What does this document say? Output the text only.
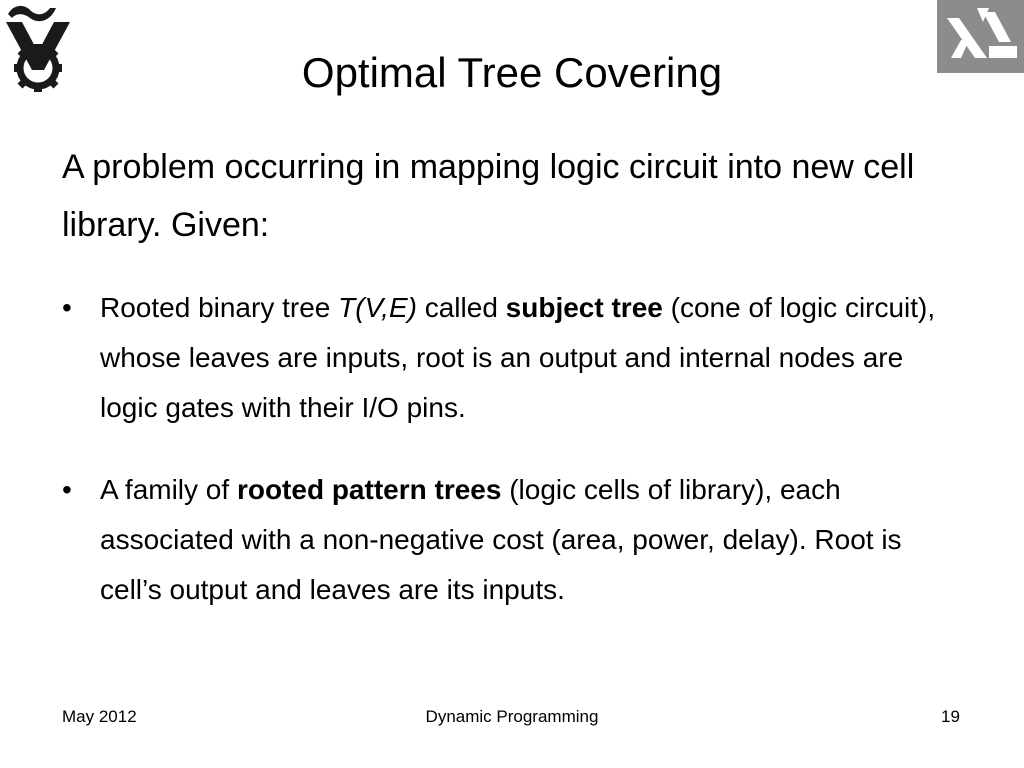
Optimal Tree Covering

A problem occurring in mapping logic circuit into new cell library. Given:

•	Rooted binary tree T(V,E) called subject tree (cone of logic circuit), whose leaves are inputs, root is an output and internal nodes are logic gates with their I/O pins.

•	A family of rooted pattern trees (logic cells of library), each associated with a non-negative cost (area, power, delay). Root is cell’s output and leaves are its inputs.

May 2012	Dynamic Programming	19
